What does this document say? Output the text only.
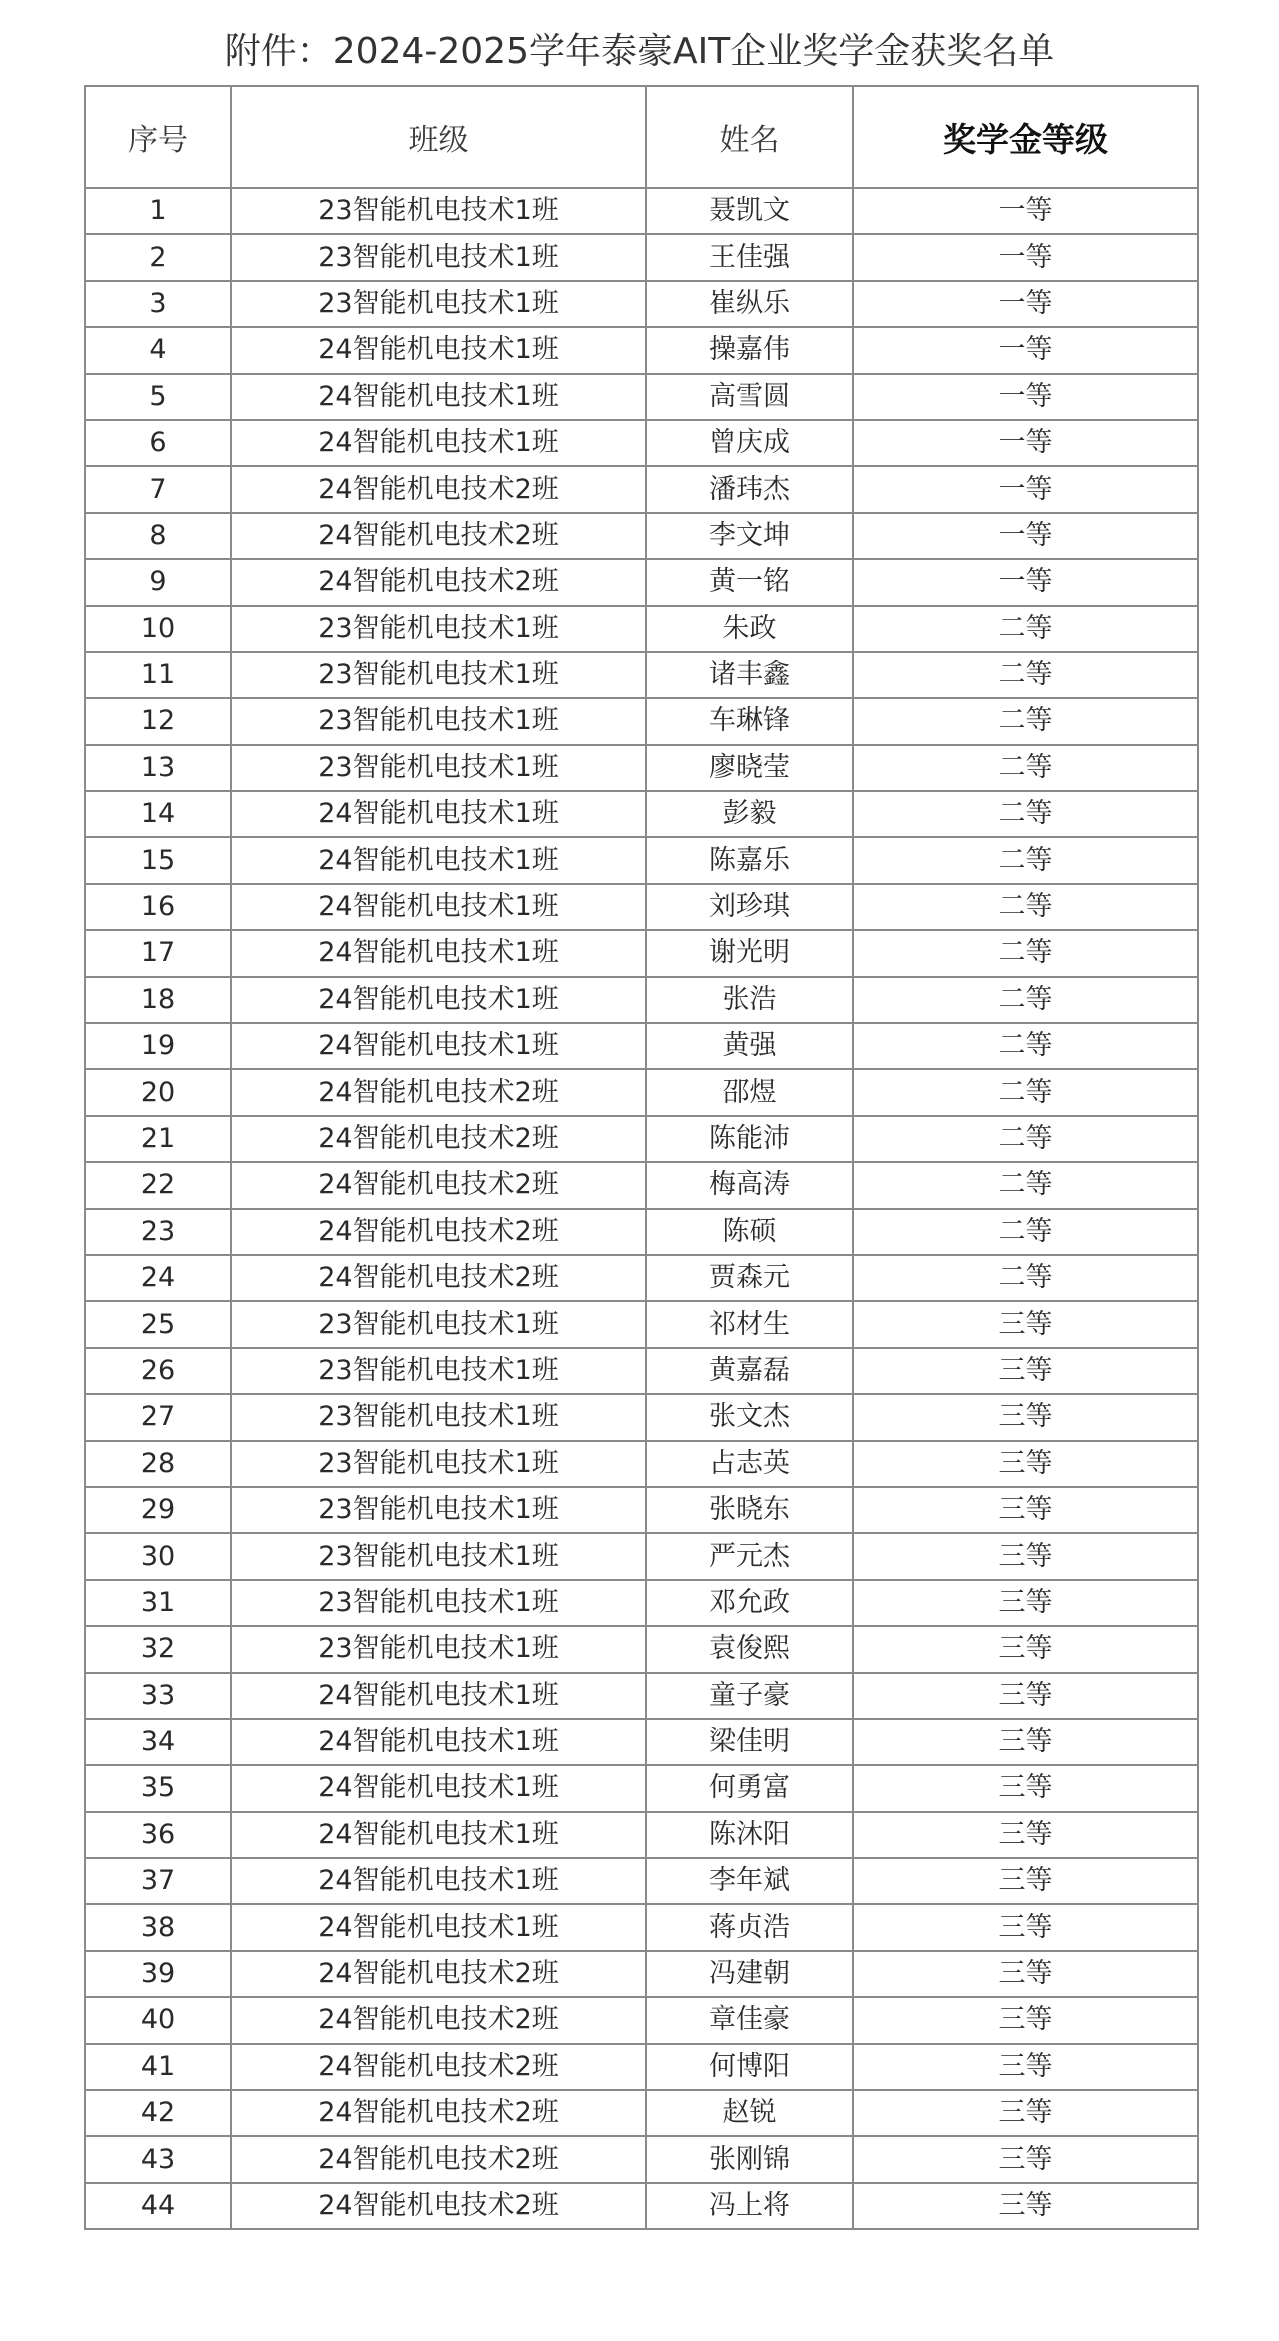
附件：2024-2025学年泰豪AIT企业奖学金获奖名单
序号	班级	姓名	奖学金等级
1	23智能机电技术1班	聂凯文	一等
2	23智能机电技术1班	王佳强	一等
3	23智能机电技术1班	崔纵乐	一等
4	24智能机电技术1班	操嘉伟	一等
5	24智能机电技术1班	高雪圆	一等
6	24智能机电技术1班	曾庆成	一等
7	24智能机电技术2班	潘玮杰	一等
8	24智能机电技术2班	李文坤	一等
9	24智能机电技术2班	黄一铭	一等
10	23智能机电技术1班	朱政	二等
11	23智能机电技术1班	诸丰鑫	二等
12	23智能机电技术1班	车琳锋	二等
13	23智能机电技术1班	廖晓莹	二等
14	24智能机电技术1班	彭毅	二等
15	24智能机电技术1班	陈嘉乐	二等
16	24智能机电技术1班	刘珍琪	二等
17	24智能机电技术1班	谢光明	二等
18	24智能机电技术1班	张浩	二等
19	24智能机电技术1班	黄强	二等
20	24智能机电技术2班	邵煜	二等
21	24智能机电技术2班	陈能沛	二等
22	24智能机电技术2班	梅高涛	二等
23	24智能机电技术2班	陈硕	二等
24	24智能机电技术2班	贾森元	二等
25	23智能机电技术1班	祁材生	三等
26	23智能机电技术1班	黄嘉磊	三等
27	23智能机电技术1班	张文杰	三等
28	23智能机电技术1班	占志英	三等
29	23智能机电技术1班	张晓东	三等
30	23智能机电技术1班	严元杰	三等
31	23智能机电技术1班	邓允政	三等
32	23智能机电技术1班	袁俊熙	三等
33	24智能机电技术1班	童子豪	三等
34	24智能机电技术1班	梁佳明	三等
35	24智能机电技术1班	何勇富	三等
36	24智能机电技术1班	陈沐阳	三等
37	24智能机电技术1班	李年斌	三等
38	24智能机电技术1班	蒋贞浩	三等
39	24智能机电技术2班	冯建朝	三等
40	24智能机电技术2班	章佳豪	三等
41	24智能机电技术2班	何博阳	三等
42	24智能机电技术2班	赵锐	三等
43	24智能机电技术2班	张刚锦	三等
44	24智能机电技术2班	冯上将	三等
